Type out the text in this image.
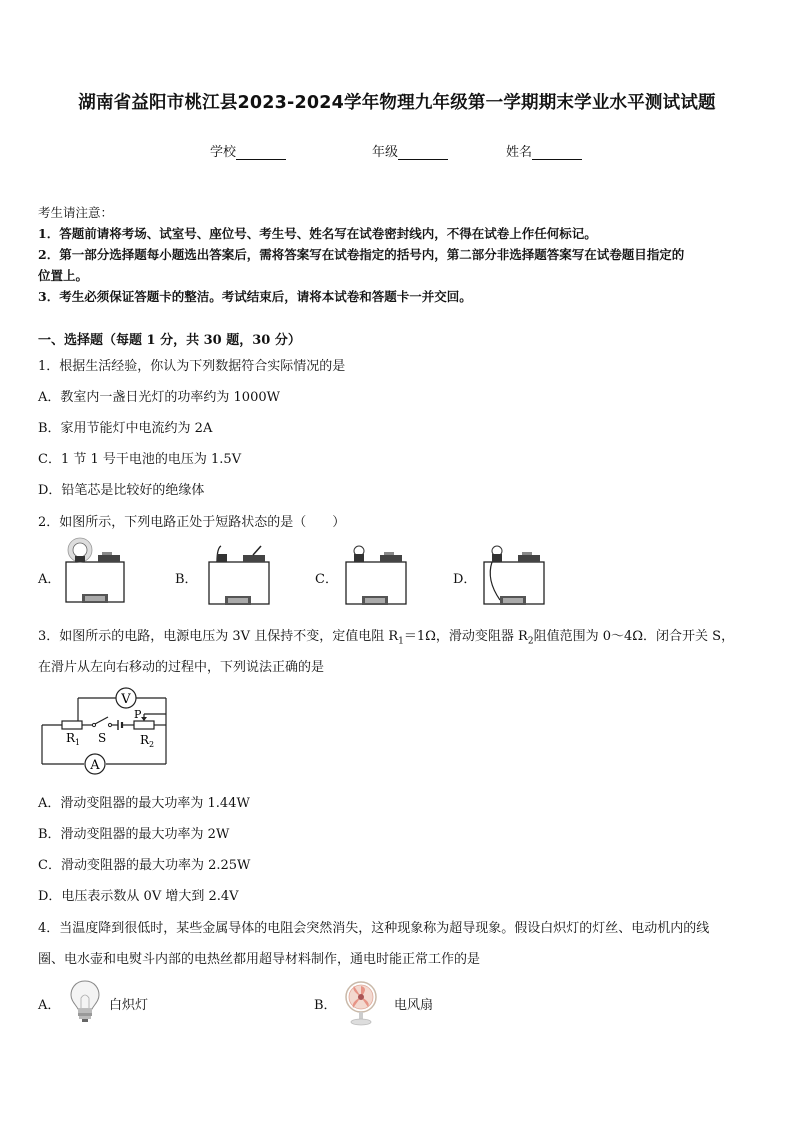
湖南省益阳市桃江县2023-2024学年物理九年级第一学期期末学业水平测试试题
学校	年级	姓名
考生请注意：
1．答题前请将考场、试室号、座位号、考生号、姓名写在试卷密封线内，不得在试卷上作任何标记。
2．第一部分选择题每小题选出答案后，需将答案写在试卷指定的括号内，第二部分非选择题答案写在试卷题目指定的
位置上。
3．考生必须保证答题卡的整洁。考试结束后，请将本试卷和答题卡一并交回。
一、选择题（每题 1 分，共 30 题，30 分）
1．根据生活经验，你认为下列数据符合实际情况的是
A．教室内一盏日光灯的功率约为 1000W
B．家用节能灯中电流约为 2A
C．1 节 1 号干电池的电压为 1.5V
D．铅笔芯是比较好的绝缘体
2．如图所示，下列电路正处于短路状态的是（　　）
A．	B．	C．	D．
3．如图所示的电路，电源电压为 3V 且保持不变，定值电阻 $R_1=1\Omega$，滑动变阻器 $R_2$阻值范围为 0～4Ω．闭合开关 S，
在滑片从左向右移动的过程中，下列说法正确的是
V
A
P
$R_1$ S	$R_2$
A．滑动变阻器的最大功率为 1.44W
B．滑动变阻器的最大功率为 2W
C．滑动变阻器的最大功率为 2.25W
D．电压表示数从 0V 增大到 2.4V
4．当温度降到很低时，某些金属导体的电阻会突然消失，这种现象称为超导现象。假设白炽灯的灯丝、电动机内的线
圈、电水壶和电熨斗内部的电热丝都用超导材料制作，通电时能正常工作的是
A．	白炽灯	B．	电风扇
